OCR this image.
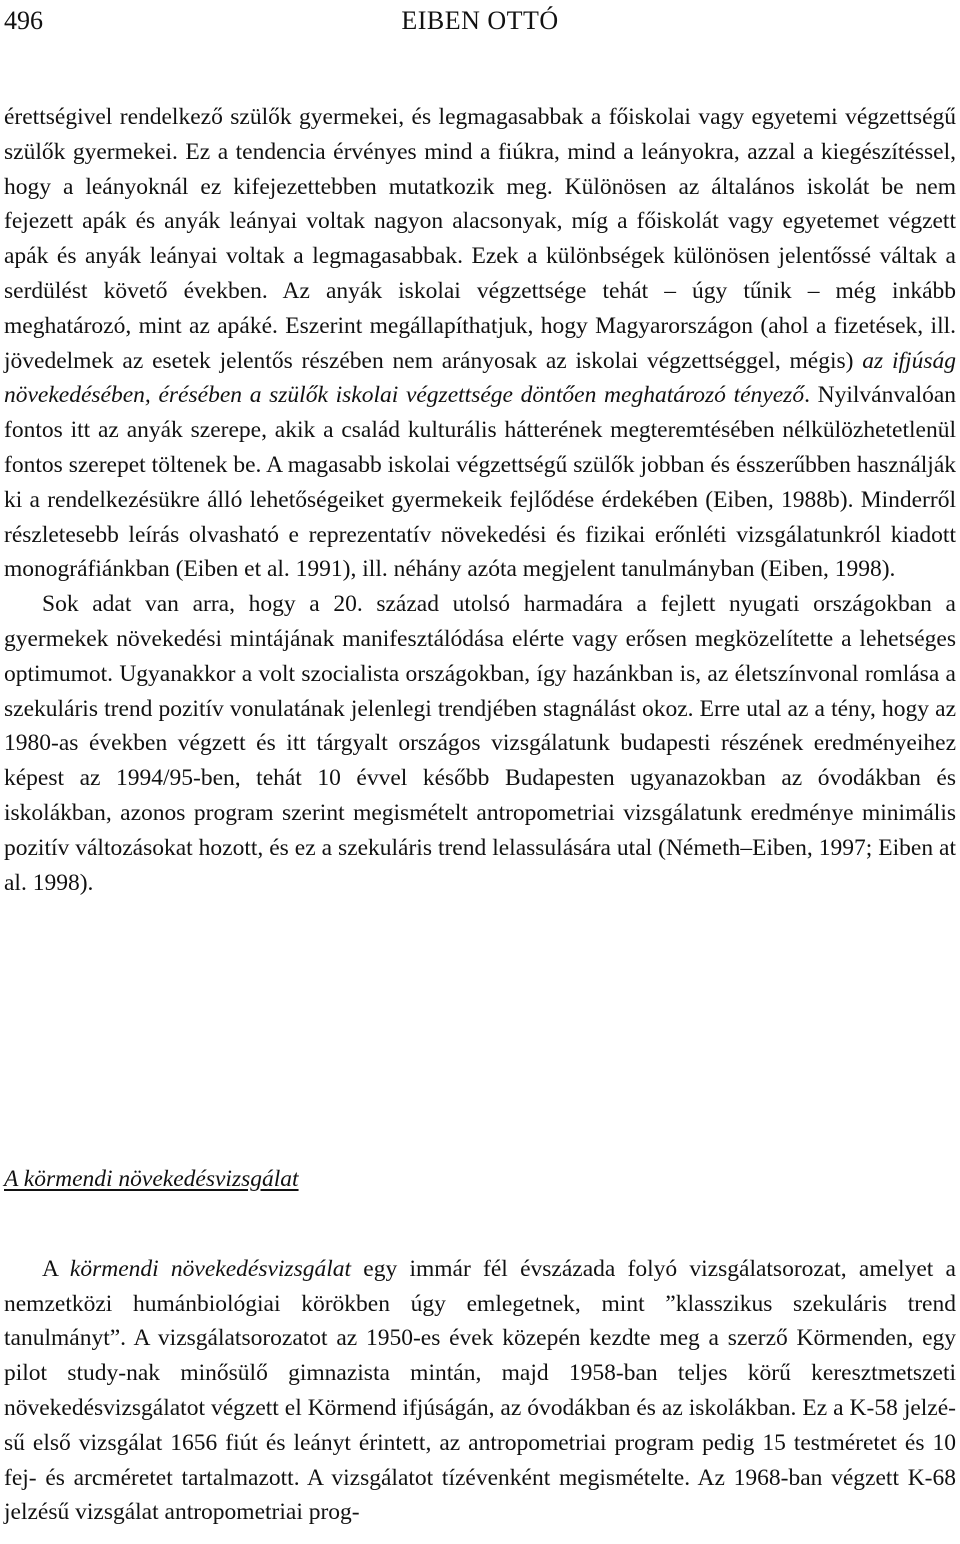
496	EIBEN OTTÓ

érettségivel rendelkező szülők gyermekei, és legmagasabbak a főiskolai vagy egyetemi végzettségű szülők gyermekei. Ez a tendencia érvényes mind a fiúkra, mind a leányokra, azzal a kiegészítéssel, hogy a leányoknál ez kifejezettebben mutatkozik meg. Különösen az általános iskolát be nem fejezett apák és anyák leányai voltak nagyon alacsonyak, míg a főiskolát vagy egyetemet végzett apák és anyák leányai voltak a legmagasabbak. Ezek a különbségek különösen jelentőssé váltak a serdülést követő években. Az anyák iskolai végzettsége tehát – úgy tűnik – még inkább meghatározó, mint az apáké. Eszerint megállapíthatjuk, hogy Magyarországon (ahol a fizetések, ill. jövedelmek az esetek jelentős részében nem arányosak az iskolai végzettséggel, mégis) az ifjúság növekedésében, érésében a szülők iskolai végzettsége döntően meghatározó tényező. Nyilvánvalóan fontos itt az anyák szerepe, akik a család kulturális hátterének megteremtésében nélkülözhetetlenül fontos szerepet töltenek be. A magasabb iskolai végzettségű szülők jobban és ésszerűbben használják ki a rendelkezésükre álló lehetőségeiket gyermekeik fejlődése érdekében (Eiben, 1988b). Minderről részletesebb leírás olvasható e reprezentatív növekedési és fizikai erőnléti vizsgálatunkról kiadott monográfiánkban (Eiben et al. 1991), ill. néhány azóta megjelent tanulmányban (Eiben, 1998).

Sok adat van arra, hogy a 20. század utolsó harmadára a fejlett nyugati országokban a gyermekek növekedési mintájának manifesztálódása elérte vagy erősen megközelítette a lehetséges optimumot. Ugyanakkor a volt szocialista országokban, így hazánkban is, az életszínvonal romlása a szekuláris trend pozitív vonulatának jelenlegi trendjében stagnálást okoz. Erre utal az a tény, hogy az 1980-as években végzett és itt tárgyalt országos vizsgálatunk budapesti részének eredményeihez képest az 1994/95-ben, tehát 10 évvel később Budapesten ugyanazokban az óvodákban és iskolákban, azonos program szerint megismételt antropometriai vizsgálatunk eredménye minimális pozitív változásokat hozott, és ez a szekuláris trend lelassulására utal (Németh–Eiben, 1997; Eiben at al. 1998).

A körmendi növekedésvizsgálat

A körmendi növekedésvizsgálat egy immár fél évszázada folyó vizsgálatsorozat, amelyet a nemzetközi humánbiológiai körökben úgy emlegetnek, mint ”klasszikus szekuláris trend tanulmányt”. A vizsgálatsorozatot az 1950-es évek közepén kezdte meg a szerző Körmenden, egy pilot study-nak minősülő gimnazista mintán, majd 1958-ban teljes körű keresztmetszeti növekedésvizsgálatot végzett el Körmend ifjúságán, az óvodákban és az iskolákban. Ez a K-58 jelzésű első vizsgálat 1656 fiút és leányt érintett, az antropometriai program pedig 15 testméretet és 10 fej- és arcméretet tartalmazott. A vizsgálatot tízévenként megismételte. Az 1968-ban végzett K-68 jelzésű vizsgálat antropometriai prog-
